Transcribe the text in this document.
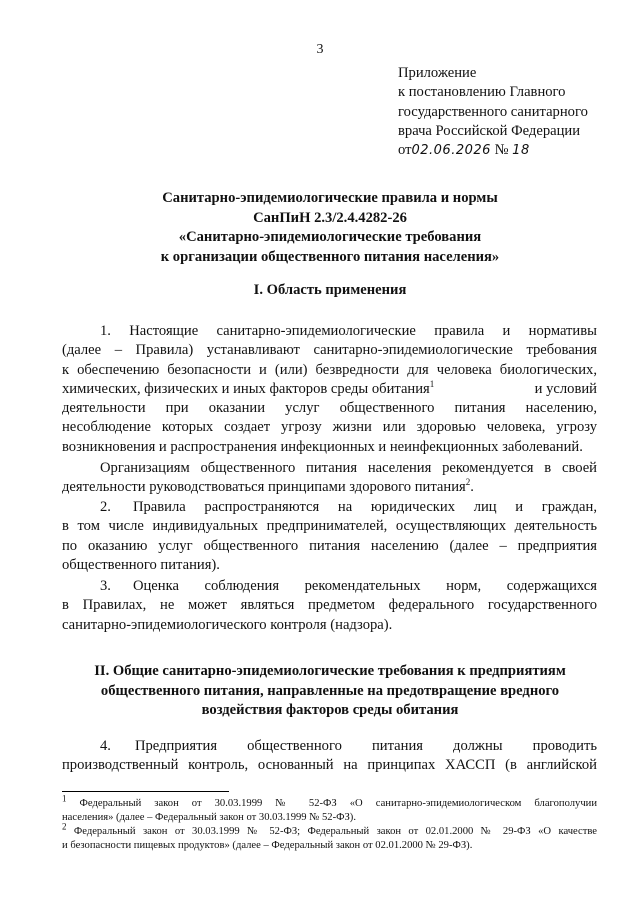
3
Приложение
к постановлению Главного
государственного санитарного
врача Российской Федерации
от02.06.2026 № 18
Санитарно-эпидемиологические правила и нормы
СанПиН 2.3/2.4.4282-26
«Санитарно-эпидемиологические требования
к организации общественного питания населения»
I. Область применения
1. Настоящие санитарно-эпидемиологические правила и нормативы
(далее – Правила) устанавливают санитарно-эпидемиологические требования
к обеспечению безопасности и (или) безвредности для человека биологических,
химических, физических и иных факторов среды обитания$^1$	и условий
деятельности при оказании услуг общественного питания населению,
несоблюдение которых создает угрозу жизни или здоровью человека, угрозу
возникновения и распространения инфекционных и неинфекционных заболеваний.
Организациям общественного питания населения рекомендуется в своей
деятельности руководствоваться принципами здорового питания$^2$.
2. Правила распространяются на юридических лиц и граждан,
в том числе индивидуальных предпринимателей, осуществляющих деятельность
по оказанию услуг общественного питания населению (далее – предприятия
общественного питания).
3. Оценка соблюдения рекомендательных норм, содержащихся
в Правилах, не может являться предметом федерального государственного
санитарно-эпидемиологического контроля (надзора).
II. Общие санитарно-эпидемиологические требования к предприятиям
общественного питания, направленные на предотвращение вредного
воздействия факторов среды обитания
4. Предприятия общественного питания должны проводить
производственный контроль, основанный на принципах ХАССП (в английской
$^1$ Федеральный закон от 30.03.1999 № 52-ФЗ «О санитарно-эпидемиологическом благополучии
населения» (далее – Федеральный закон от 30.03.1999 № 52-ФЗ).
$^2$ Федеральный закон от 30.03.1999 № 52-ФЗ; Федеральный закон от 02.01.2000 № 29-ФЗ «О качестве
и безопасности пищевых продуктов» (далее – Федеральный закон от 02.01.2000 № 29-ФЗ).
